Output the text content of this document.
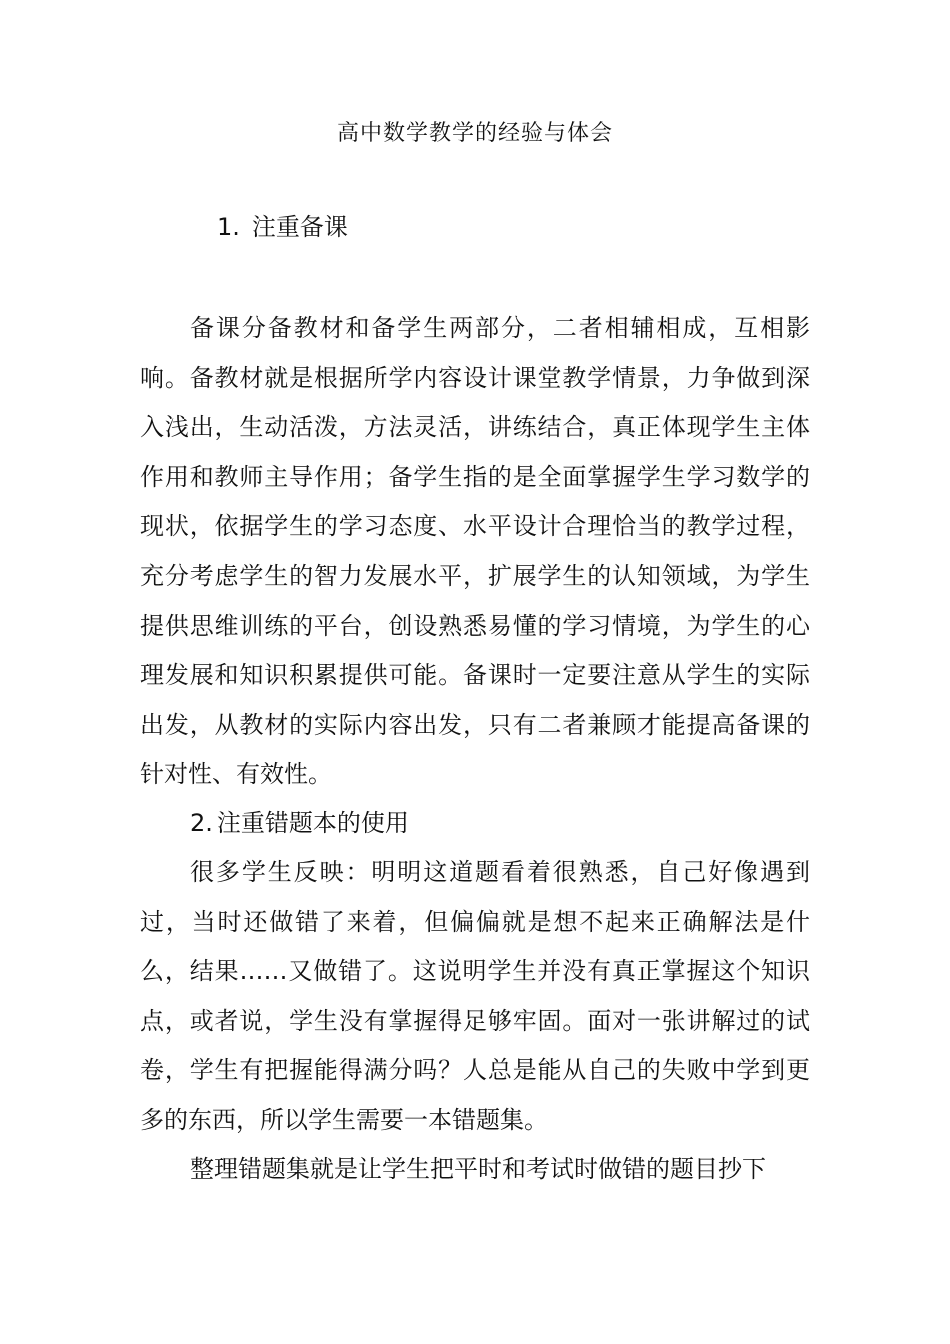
高中数学教学的经验与体会
1. 注重备课

备课分备教材和备学生两部分，二者相辅相成，互相影响。备教材就是根据所学内容设计课堂教学情景，力争做到深入浅出，生动活泼，方法灵活，讲练结合，真正体现学生主体作用和教师主导作用；备学生指的是全面掌握学生学习数学的现状，依据学生的学习态度、水平设计合理恰当的教学过程，充分考虑学生的智力发展水平，扩展学生的认知领域，为学生提供思维训练的平台，创设熟悉易懂的学习情境，为学生的心理发展和知识积累提供可能。备课时一定要注意从学生的实际出发，从教材的实际内容出发，只有二者兼顾才能提高备课的针对性、有效性。

2. 注重错题本的使用

很多学生反映：明明这道题看着很熟悉，自己好像遇到过，当时还做错了来着，但偏偏就是想不起来正确解法是什么，结果……又做错了。这说明学生并没有真正掌握这个知识点，或者说，学生没有掌握得足够牢固。面对一张讲解过的试卷，学生有把握能得满分吗？人总是能从自己的失败中学到更多的东西，所以学生需要一本错题集。

整理错题集就是让学生把平时和考试时做错的题目抄下
